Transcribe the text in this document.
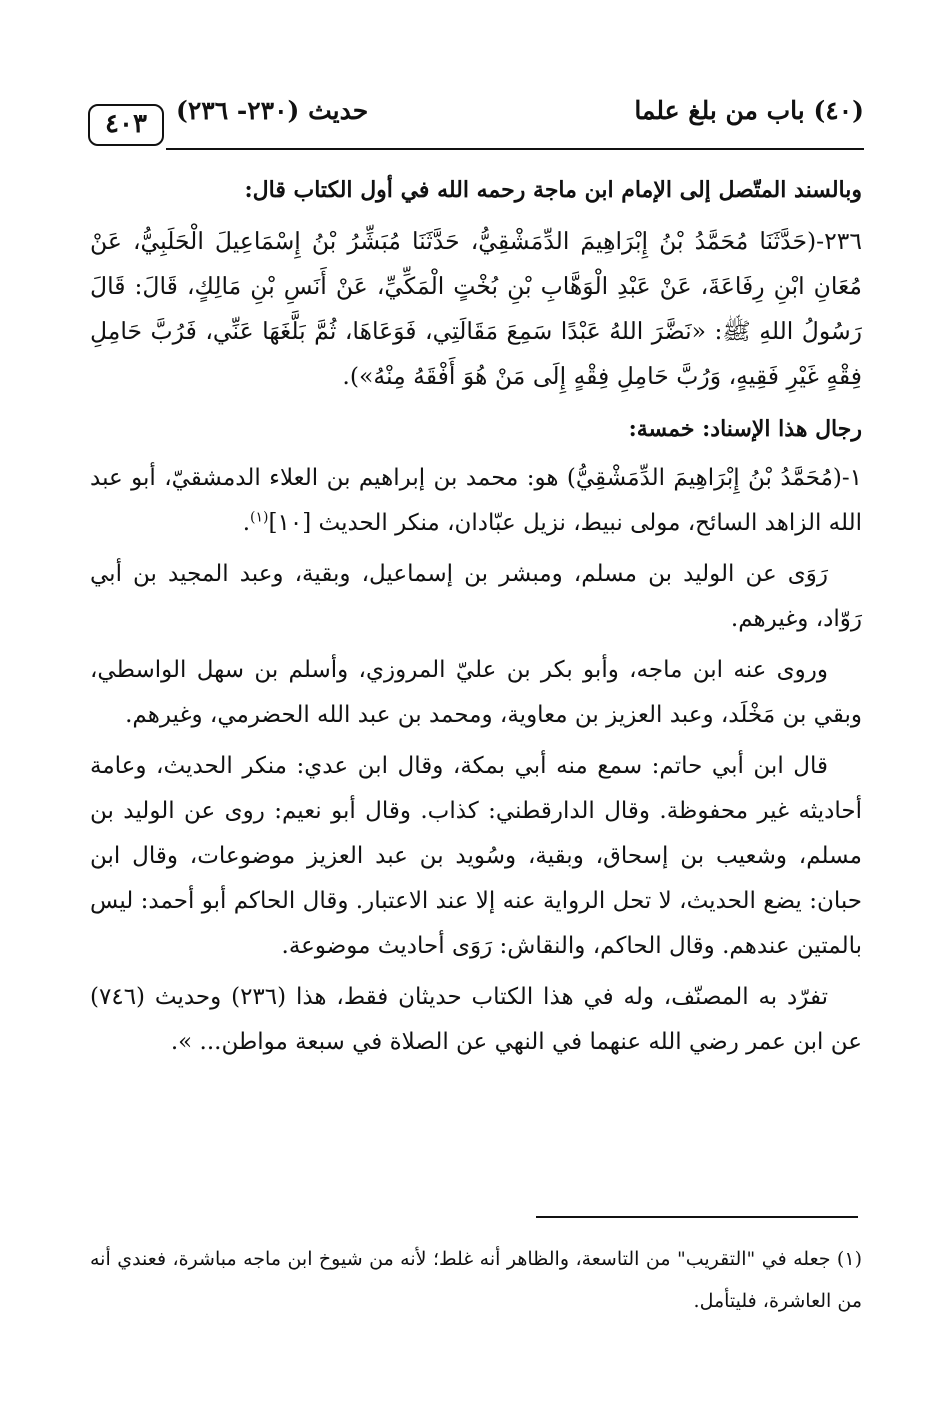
(٤٠) باب من بلغ علما
حديث (٢٣٠- ٢٣٦)
٤٠٣

وبالسند المتّصل إلى الإمام ابن ماجة رحمه الله في أول الكتاب قال:

٢٣٦-(حَدَّثَنَا مُحَمَّدُ بْنُ إِبْرَاهِيمَ الدِّمَشْقِيُّ، حَدَّثَنَا مُبَشِّرُ بْنُ إِسْمَاعِيلَ الْحَلَبِيُّ، عَنْ مُعَانِ ابْنِ رِفَاعَةَ، عَنْ عَبْدِ الْوَهَّابِ بْنِ بُخْتٍ الْمَكِّيِّ، عَنْ أَنَسِ بْنِ مَالِكٍ، قَالَ: قَالَ رَسُولُ اللهِ ﷺ: «نَضَّرَ اللهُ عَبْدًا سَمِعَ مَقَالَتِي، فَوَعَاهَا، ثُمَّ بَلَّغَهَا عَنِّي، فَرُبَّ حَامِلِ فِقْهٍ غَيْرِ فَقِيهٍ، وَرُبَّ حَامِلِ فِقْهٍ إِلَى مَنْ هُوَ أَفْقَهُ مِنْهُ»).

رجال هذا الإسناد: خمسة:

١-(مُحَمَّدُ بْنُ إِبْرَاهِيمَ الدِّمَشْقِيُّ) هو: محمد بن إبراهيم بن العلاء الدمشقيّ، أبو عبد الله الزاهد السائح، مولى نبيط، نزيل عبّادان، منكر الحديث [١٠]$^{(١)}$.

رَوَى عن الوليد بن مسلم، ومبشر بن إسماعيل، وبقية، وعبد المجيد بن أبي رَوّاد، وغيرهم.

وروى عنه ابن ماجه، وأبو بكر بن عليّ المروزي، وأسلم بن سهل الواسطي، وبقي بن مَخْلَد، وعبد العزيز بن معاوية، ومحمد بن عبد الله الحضرمي، وغيرهم.

قال ابن أبي حاتم: سمع منه أبي بمكة، وقال ابن عدي: منكر الحديث، وعامة أحاديثه غير محفوظة. وقال الدارقطني: كذاب. وقال أبو نعيم: روى عن الوليد بن مسلم، وشعيب بن إسحاق، وبقية، وسُويد بن عبد العزيز موضوعات، وقال ابن حبان: يضع الحديث، لا تحل الرواية عنه إلا عند الاعتبار. وقال الحاكم أبو أحمد: ليس بالمتين عندهم. وقال الحاكم، والنقاش: رَوَى أحاديث موضوعة.

تفرّد به المصنّف، وله في هذا الكتاب حديثان فقط، هذا (٢٣٦) وحديث (٧٤٦) عن ابن عمر رضي الله عنهما في النهي عن الصلاة في سبعة مواطن... ».

(١) جعله في "التقريب" من التاسعة، والظاهر أنه غلط؛ لأنه من شيوخ ابن ماجه مباشرة، فعندي أنه من العاشرة، فليتأمل.
